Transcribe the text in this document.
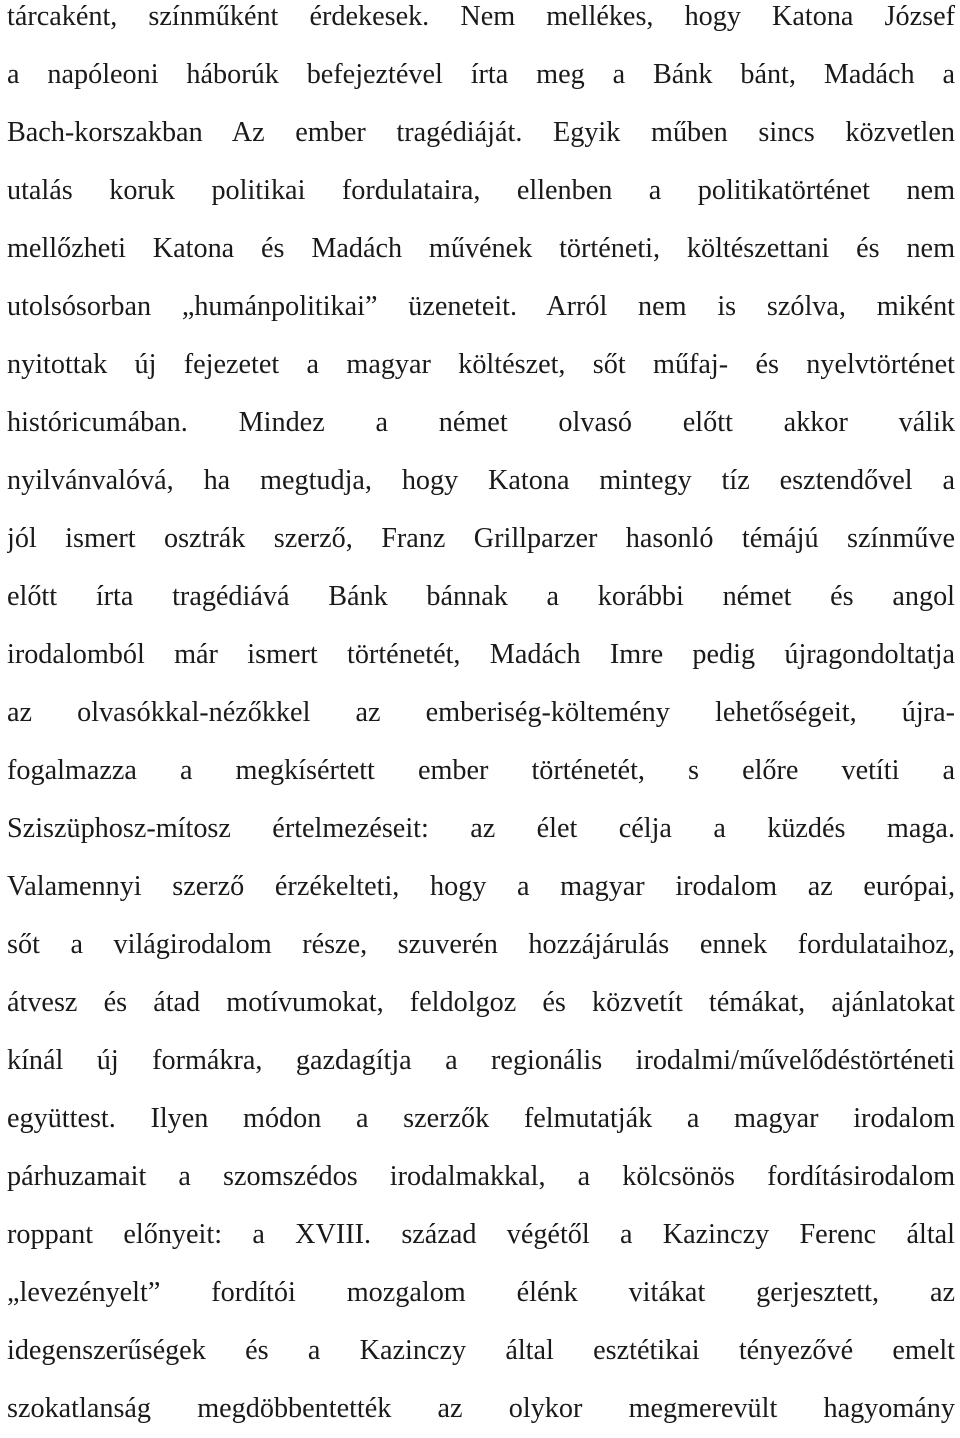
tárcaként, színműként érdekesek. Nem mellékes, hogy Katona József
a napóleoni háborúk befejeztével írta meg a Bánk bánt, Madách a
Bach-korszakban Az ember tragédiáját. Egyik műben sincs közvetlen
utalás koruk politikai fordulataira, ellenben a politikatörténet nem
mellőzheti Katona és Madách művének történeti, költészettani és nem
utolsósorban „humánpolitikai” üzeneteit. Arról nem is szólva, miként
nyitottak új fejezetet a magyar költészet, sőt műfaj- és nyelvtörténet
históricumában. Mindez a német olvasó előtt akkor válik
nyilvánvalóvá, ha megtudja, hogy Katona mintegy tíz esztendővel a
jól ismert osztrák szerző, Franz Grillparzer hasonló témájú színműve
előtt írta tragédiává Bánk bánnak a korábbi német és angol
irodalomból már ismert történetét, Madách Imre pedig újragondoltatja
az olvasókkal-nézőkkel az emberiség-költemény lehetőségeit, újra-
fogalmazza a megkísértett ember történetét, s előre vetíti a
Sziszüphosz-mítosz értelmezéseit: az élet célja a küzdés maga.
Valamennyi szerző érzékelteti, hogy a magyar irodalom az európai,
sőt a világirodalom része, szuverén hozzájárulás ennek fordulataihoz,
átvesz és átad motívumokat, feldolgoz és közvetít témákat, ajánlatokat
kínál új formákra, gazdagítja a regionális irodalmi/művelődéstörténeti
együttest. Ilyen módon a szerzők felmutatják a magyar irodalom
párhuzamait a szomszédos irodalmakkal, a kölcsönös fordításirodalom
roppant előnyeit: a XVIII. század végétől a Kazinczy Ferenc által
„levezényelt” fordítói mozgalom élénk vitákat gerjesztett, az
idegenszerűségek és a Kazinczy által esztétikai tényezővé emelt
szokatlanság megdöbbentették az olykor megmerevült hagyomány
